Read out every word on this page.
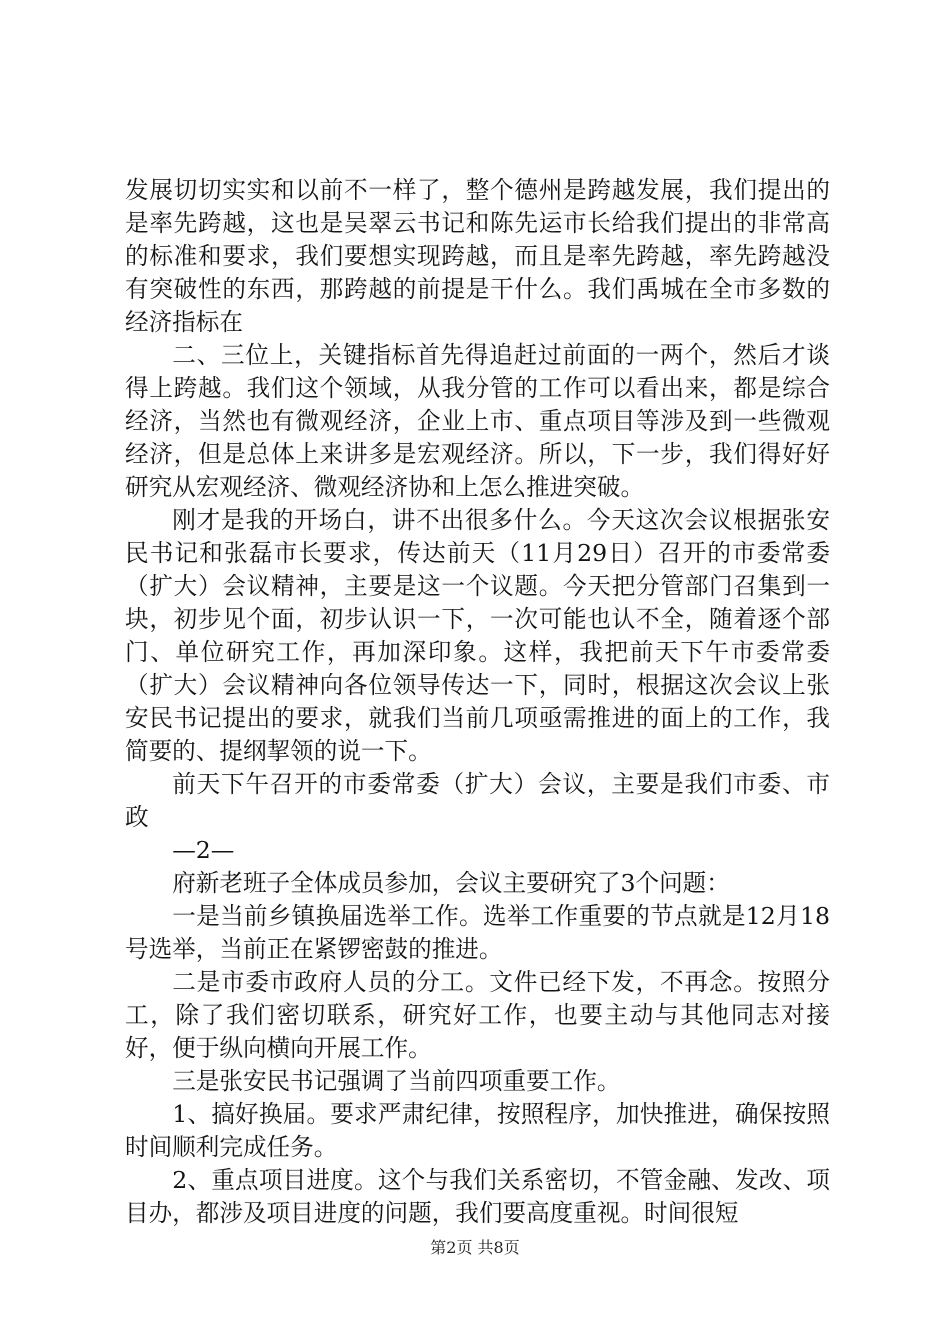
发展切切实实和以前不一样了，整个德州是跨越发展，我们提出的是率先跨越，这也是吴翠云书记和陈先运市长给我们提出的非常高的标准和要求，我们要想实现跨越，而且是率先跨越，率先跨越没有突破性的东西，那跨越的前提是干什么。我们禹城在全市多数的经济指标在

二、三位上，关键指标首先得追赶过前面的一两个，然后才谈得上跨越。我们这个领域，从我分管的工作可以看出来，都是综合经济，当然也有微观经济，企业上市、重点项目等涉及到一些微观经济，但是总体上来讲多是宏观经济。所以，下一步，我们得好好研究从宏观经济、微观经济协和上怎么推进突破。

刚才是我的开场白，讲不出很多什么。今天这次会议根据张安民书记和张磊市长要求，传达前天（11月29日）召开的市委常委（扩大）会议精神，主要是这一个议题。今天把分管部门召集到一块，初步见个面，初步认识一下，一次可能也认不全，随着逐个部门、单位研究工作，再加深印象。这样，我把前天下午市委常委（扩大）会议精神向各位领导传达一下，同时，根据这次会议上张安民书记提出的要求，就我们当前几项亟需推进的面上的工作，我简要的、提纲挈领的说一下。

前天下午召开的市委常委（扩大）会议，主要是我们市委、市政

—2—

府新老班子全体成员参加，会议主要研究了3个问题：

一是当前乡镇换届选举工作。选举工作重要的节点就是12月18号选举，当前正在紧锣密鼓的推进。

二是市委市政府人员的分工。文件已经下发，不再念。按照分工，除了我们密切联系，研究好工作，也要主动与其他同志对接好，便于纵向横向开展工作。

三是张安民书记强调了当前四项重要工作。

1、搞好换届。要求严肃纪律，按照程序，加快推进，确保按照时间顺利完成任务。

2、重点项目进度。这个与我们关系密切，不管金融、发改、项目办，都涉及项目进度的问题，我们要高度重视。时间很短

第2页 共8页
